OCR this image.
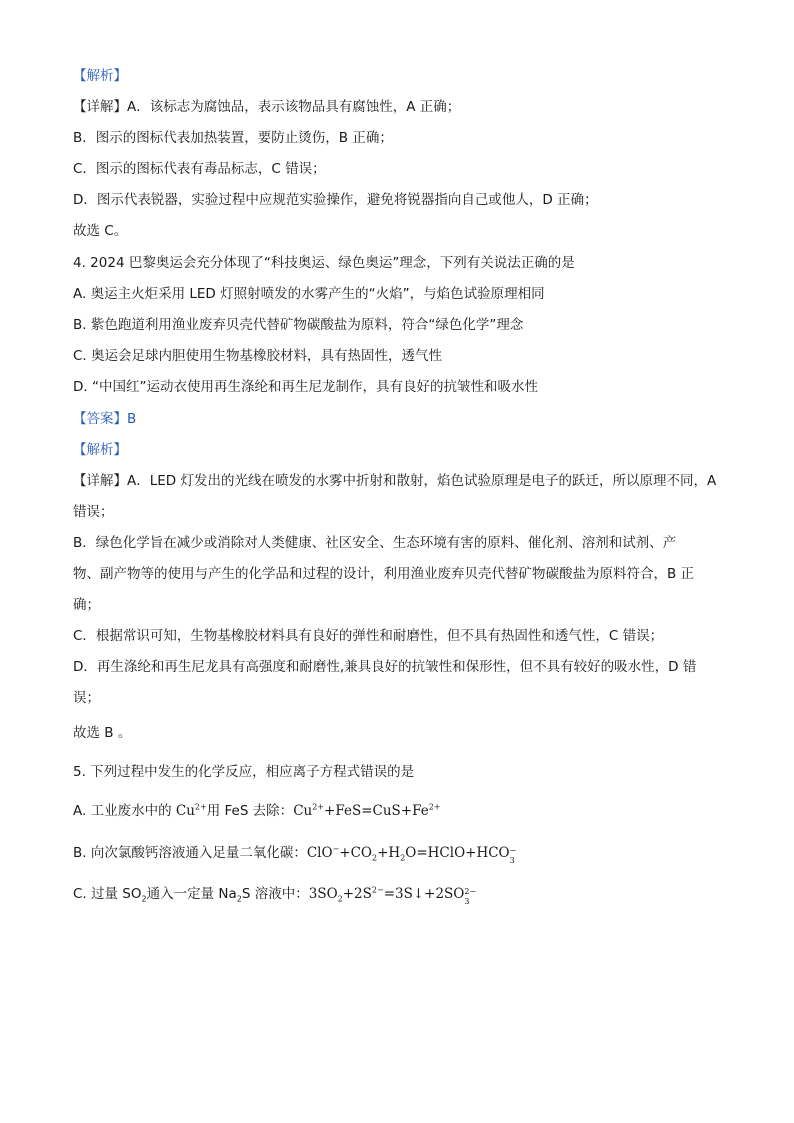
【解析】
【详解】A．该标志为腐蚀品，表示该物品具有腐蚀性，A 正确；
B．图示的图标代表加热装置，要防止烫伤，B 正确；
C．图示的图标代表有毒品标志，C 错误；
D．图示代表锐器，实验过程中应规范实验操作，避免将锐器指向自己或他人，D 正确；
故选 C。
4. 2024 巴黎奥运会充分体现了“科技奥运、绿色奥运”理念，下列有关说法正确的是
A. 奥运主火炬采用 LED 灯照射喷发的水雾产生的“火焰”，与焰色试验原理相同
B. 紫色跑道利用渔业废弃贝壳代替矿物碳酸盐为原料，符合“绿色化学”理念
C. 奥运会足球内胆使用生物基橡胶材料，具有热固性，透气性
D. “中国红”运动衣使用再生涤纶和再生尼龙制作，具有良好的抗皱性和吸水性
【答案】B
【解析】
【详解】A．LED 灯发出的光线在喷发的水雾中折射和散射，焰色试验原理是电子的跃迁，所以原理不同，A
错误；
B．绿色化学旨在减少或消除对人类健康、社区安全、生态环境有害的原料、催化剂、溶剂和试剂、产
物、副产物等的使用与产生的化学品和过程的设计，利用渔业废弃贝壳代替矿物碳酸盐为原料符合，B 正
确；
C．根据常识可知，生物基橡胶材料具有良好的弹性和耐磨性，但不具有热固性和透气性，C 错误；
D．再生涤纶和再生尼龙具有高强度和耐磨性,兼具良好的抗皱性和保形性，但不具有较好的吸水性，D 错
误；
故选 B 。
5. 下列过程中发生的化学反应，相应离子方程式错误的是
A. 工业废水中的 $Cu^{2+}$用 FeS 去除：$Cu^{2+}+FeS=CuS+Fe^{2+}$
B. 向次氯酸钙溶液通入足量二氧化碳：$ClO^-+CO_2+H_2O=HClO+HCO$ −
3
C. 过量 $SO_2$通入一定量 $Na_2S$ 溶液中：$3SO_2+2S^{2-}=3S↓+2SO$ 2−
3
